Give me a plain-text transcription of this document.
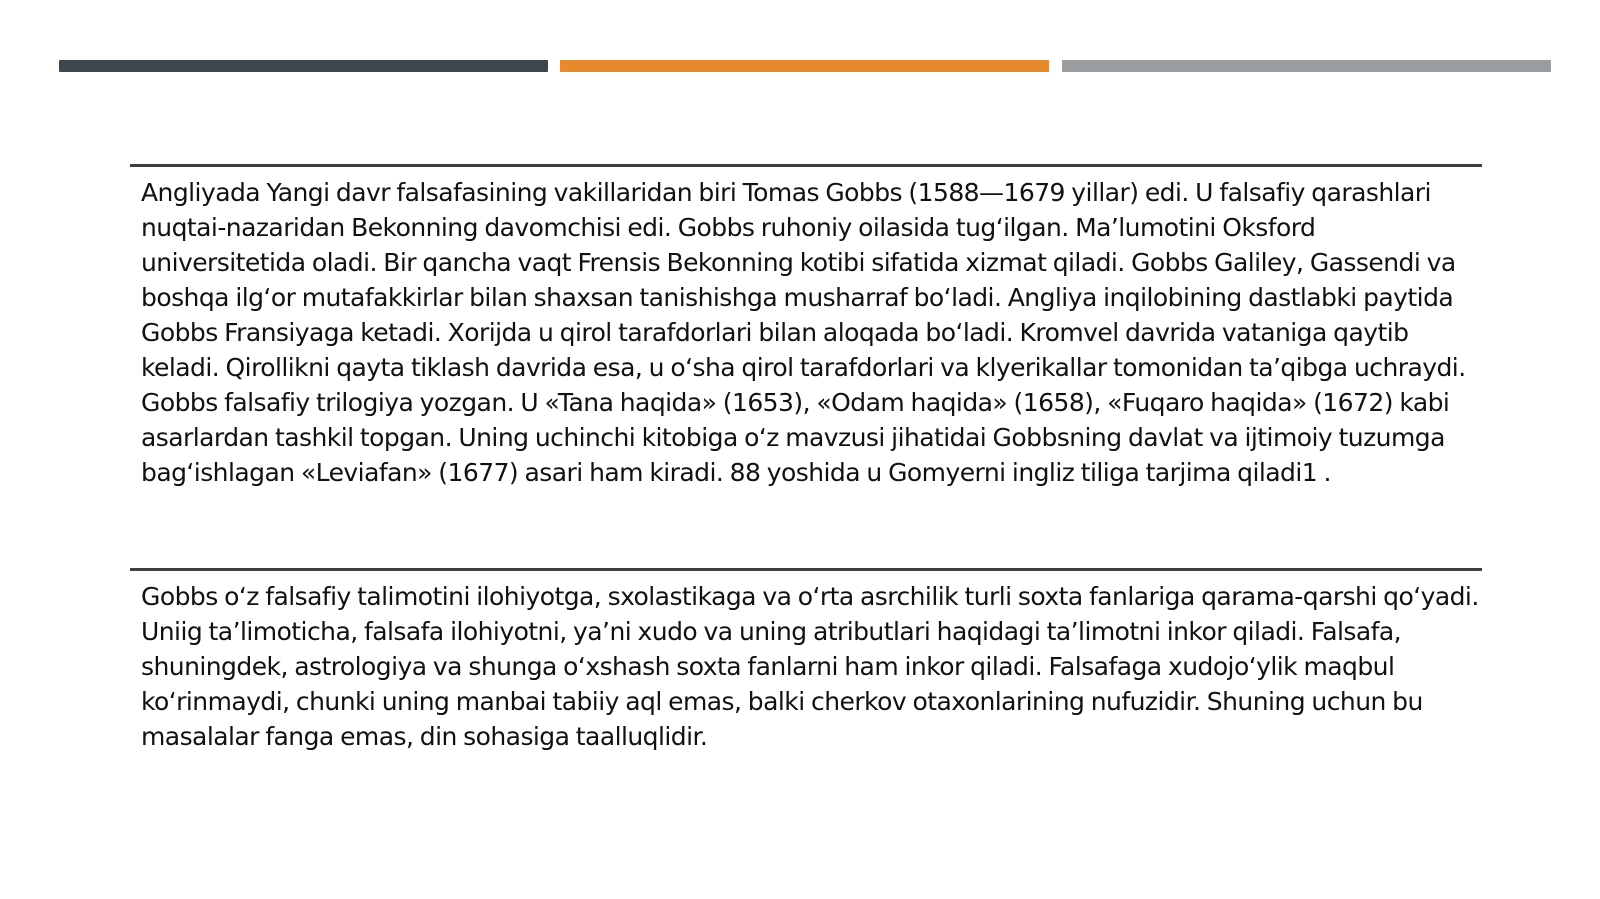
Angliyada Yangi davr falsafasining vakillaridan biri Tomas Gobbs (1588—1679 yillar) edi. U falsafiy qarashlari nuqtai-nazaridan Bekonning davomchisi edi. Gobbs ruhoniy oilasida tug‘ilgan. Ma’lumotini Oksford universitetida oladi. Bir qancha vaqt Frensis Bekonning kotibi sifatida xizmat qiladi. Gobbs Galiley, Gassendi va boshqa ilg‘or mutafakkirlar bilan shaxsan tanishishga musharraf bo‘ladi. Angliya inqilobining dastlabki paytida Gobbs Fransiyaga ketadi. Xorijda u qirol tarafdorlari bilan aloqada bo‘ladi. Kromvel davrida vataniga qaytib keladi. Qirollikni qayta tiklash davrida esa, u o‘sha qirol tarafdorlari va klyerikallar tomonidan ta’qibga uchraydi. Gobbs falsafiy trilogiya yozgan. U «Tana haqida» (1653), «Odam haqida» (1658), «Fuqaro haqida» (1672) kabi asarlardan tashkil topgan. Uning uchinchi kitobiga o‘z mavzusi jihatidai Gobbsning davlat va ijtimoiy tuzumga bag‘ishlagan «Leviafan» (1677) asari ham kiradi. 88 yoshida u Gomyerni ingliz tiliga tarjima qiladi1 .

Gobbs o‘z falsafiy talimotini ilohiyotga, sxolastikaga va o‘rta asrchilik turli soxta fanlariga qarama-qarshi qo‘yadi. Uniig ta’limoticha, falsafa ilohiyotni, ya’ni xudo va uning atributlari haqidagi ta’limotni inkor qiladi. Falsafa, shuningdek, astrologiya va shunga o‘xshash soxta fanlarni ham inkor qiladi. Falsafaga xudojo‘ylik maqbul ko‘rinmaydi, chunki uning manbai tabiiy aql emas, balki cherkov otaxonlarining nufuzidir. Shuning uchun bu masalalar fanga emas, din sohasiga taalluqlidir.
